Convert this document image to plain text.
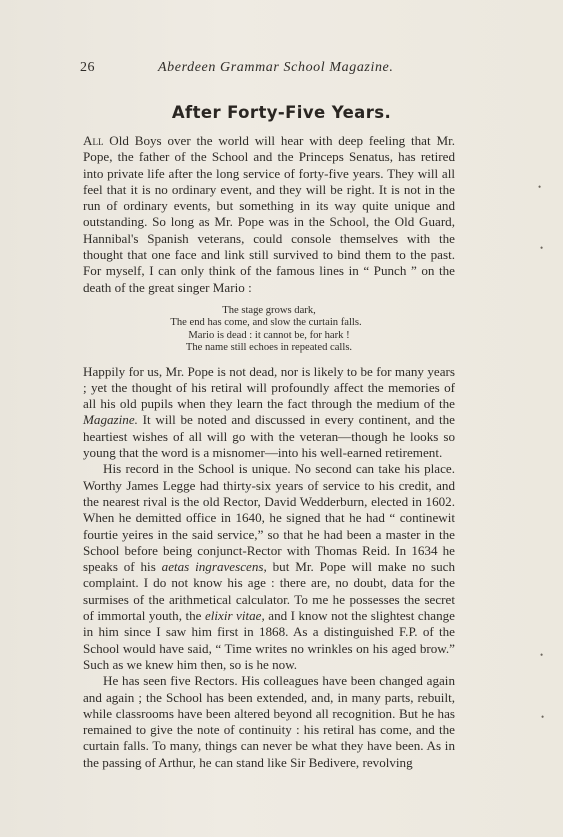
26	Aberdeen Grammar School Magazine.
After Forty-Five Years.

All Old Boys over the world will hear with deep feeling that Mr. Pope, the father of the School and the Princeps Senatus, has retired into private life after the long service of forty-five years. They will all feel that it is no ordinary event, and they will be right. It is not in the run of ordinary events, but something in its way quite unique and outstanding. So long as Mr. Pope was in the School, the Old Guard, Hannibal's Spanish veterans, could console themselves with the thought that one face and link still survived to bind them to the past. For myself, I can only think of the famous lines in “ Punch ” on the death of the great singer Mario :

The stage grows dark,
The end has come, and slow the curtain falls.
Mario is dead : it cannot be, for hark !
The name still echoes in repeated calls.

Happily for us, Mr. Pope is not dead, nor is likely to be for many years ; yet the thought of his retiral will profoundly affect the memories of all his old pupils when they learn the fact through the medium of the Magazine. It will be noted and discussed in every continent, and the heartiest wishes of all will go with the veteran—though he looks so young that the word is a misnomer—into his well-earned retirement.

His record in the School is unique. No second can take his place. Worthy James Legge had thirty-six years of service to his credit, and the nearest rival is the old Rector, David Wedderburn, elected in 1602. When he demitted office in 1640, he signed that he had “ continewit fourtie yeires in the said service,” so that he had been a master in the School before being conjunct-Rector with Thomas Reid. In 1634 he speaks of his aetas ingravescens, but Mr. Pope will make no such complaint. I do not know his age : there are, no doubt, data for the surmises of the arithmetical calculator. To me he possesses the secret of immortal youth, the elixir vitae, and I know not the slightest change in him since I saw him first in 1868. As a distinguished F.P. of the School would have said, “ Time writes no wrinkles on his aged brow.” Such as we knew him then, so is he now.

He has seen five Rectors. His colleagues have been changed again and again ; the School has been extended, and, in many parts, rebuilt, while classrooms have been altered beyond all recognition. But he has remained to give the note of continuity : his retiral has come, and the curtain falls. To many, things can never be what they have been. As in the passing of Arthur, he can stand like Sir Bedivere, revolving

•
•
•
•
